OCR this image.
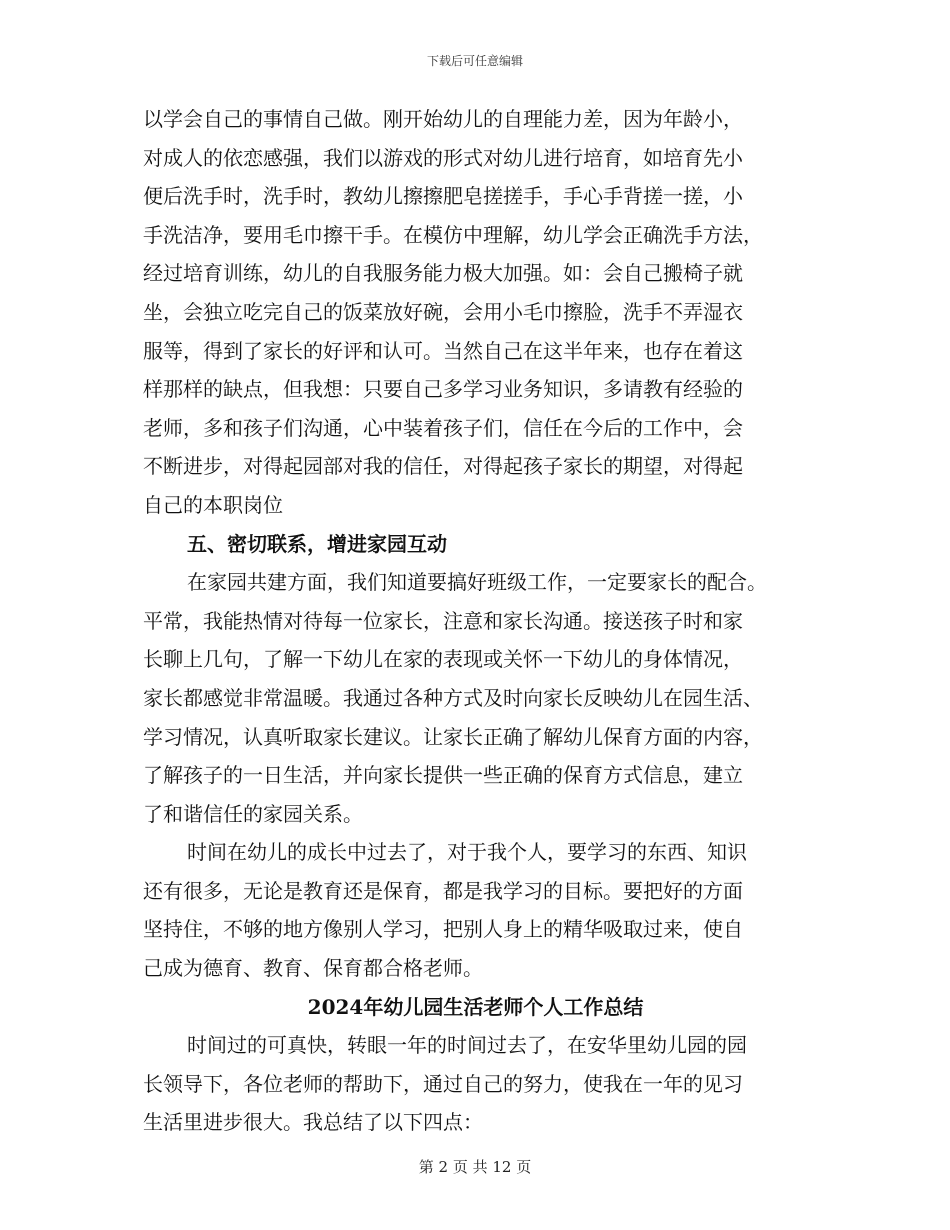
下载后可任意编辑
以学会自己的事情自己做。刚开始幼儿的自理能力差，因为年龄小，
对成人的依恋感强，我们以游戏的形式对幼儿进行培育，如培育先小
便后洗手时，洗手时，教幼儿擦擦肥皂搓搓手，手心手背搓一搓，小
手洗洁净，要用毛巾擦干手。在模仿中理解，幼儿学会正确洗手方法，
经过培育训练，幼儿的自我服务能力极大加强。如：会自己搬椅子就
坐，会独立吃完自己的饭菜放好碗，会用小毛巾擦脸，洗手不弄湿衣
服等，得到了家长的好评和认可。当然自己在这半年来，也存在着这
样那样的缺点，但我想：只要自己多学习业务知识，多请教有经验的
老师，多和孩子们沟通，心中装着孩子们，信任在今后的工作中，会
不断进步，对得起园部对我的信任，对得起孩子家长的期望，对得起
自己的本职岗位
五、密切联系，增进家园互动
在家园共建方面，我们知道要搞好班级工作，一定要家长的配合。
平常，我能热情对待每一位家长，注意和家长沟通。接送孩子时和家
长聊上几句，了解一下幼儿在家的表现或关怀一下幼儿的身体情况，
家长都感觉非常温暖。我通过各种方式及时向家长反映幼儿在园生活、
学习情况，认真听取家长建议。让家长正确了解幼儿保育方面的内容，
了解孩子的一日生活，并向家长提供一些正确的保育方式信息，建立
了和谐信任的家园关系。
时间在幼儿的成长中过去了，对于我个人，要学习的东西、知识
还有很多，无论是教育还是保育，都是我学习的目标。要把好的方面
坚持住，不够的地方像别人学习，把别人身上的精华吸取过来，使自
己成为德育、教育、保育都合格老师。
2024年幼儿园生活老师个人工作总结
时间过的可真快，转眼一年的时间过去了，在安华里幼儿园的园
长领导下，各位老师的帮助下，通过自己的努力，使我在一年的见习
生活里进步很大。我总结了以下四点：
第 2 页 共 12 页
